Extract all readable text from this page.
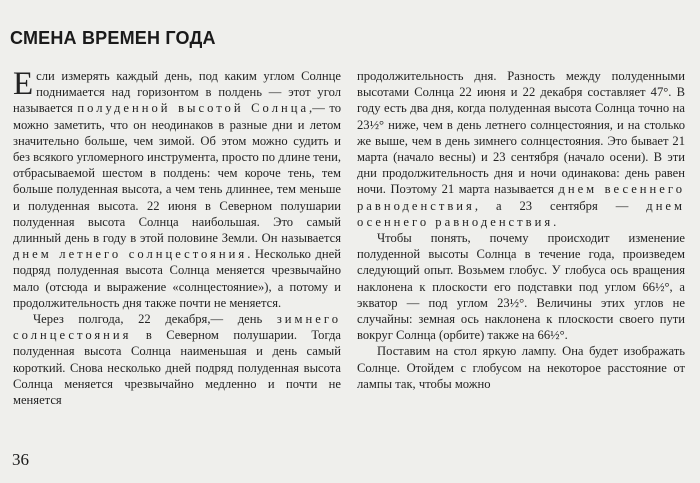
СМЕНА ВРЕМЕН ГОДА

Если измерять каждый день, под каким углом Солнце поднимается над горизонтом в полдень — этот угол называется полуденной высотой Солнца,— то можно заметить, что он неодинаков в разные дни и летом значительно больше, чем зимой. Об этом можно судить и без всякого угломерного инструмента, просто по длине тени, отбрасываемой шестом в полдень: чем короче тень, тем больше полуденная высота, а чем тень длиннее, тем меньше и полуденная высота. 22 июня в Северном полушарии полуденная высота Солнца наибольшая. Это самый длинный день в году в этой половине Земли. Он называется днем летнего солнцестояния. Несколько дней подряд полуденная высота Солнца меняется чрезвычайно мало (отсюда и выражение «солнцестояние»), а потому и продолжительность дня также почти не меняется.

Через полгода, 22 декабря,— день зимнего солнцестояния в Северном полушарии. Тогда полуденная высота Солнца наименьшая и день самый короткий. Снова несколько дней подряд полуденная высота Солнца меняется чрезвычайно медленно и почти не меняется

продолжительность дня. Разность между полуденными высотами Солнца 22 июня и 22 декабря составляет 47°. В году есть два дня, когда полуденная высота Солнца точно на 23½° ниже, чем в день летнего солнцестояния, и на столько же выше, чем в день зимнего солнцестояния. Это бывает 21 марта (начало весны) и 23 сентября (начало осени). В эти дни продолжительность дня и ночи одинакова: день равен ночи. Поэтому 21 марта называется днем весеннего равноденствия, а 23 сентября — днем осеннего равноденствия.

Чтобы понять, почему происходит изменение полуденной высоты Солнца в течение года, произведем следующий опыт. Возьмем глобус. У глобуса ось вращения наклонена к плоскости его подставки под углом 66½°, а экватор — под углом 23½°. Величины этих углов не случайны: земная ось наклонена к плоскости своего пути вокруг Солнца (орбите) также на 66½°.

Поставим на стол яркую лампу. Она будет изображать Солнце. Отойдем с глобусом на некоторое расстояние от лампы так, чтобы можно

36
